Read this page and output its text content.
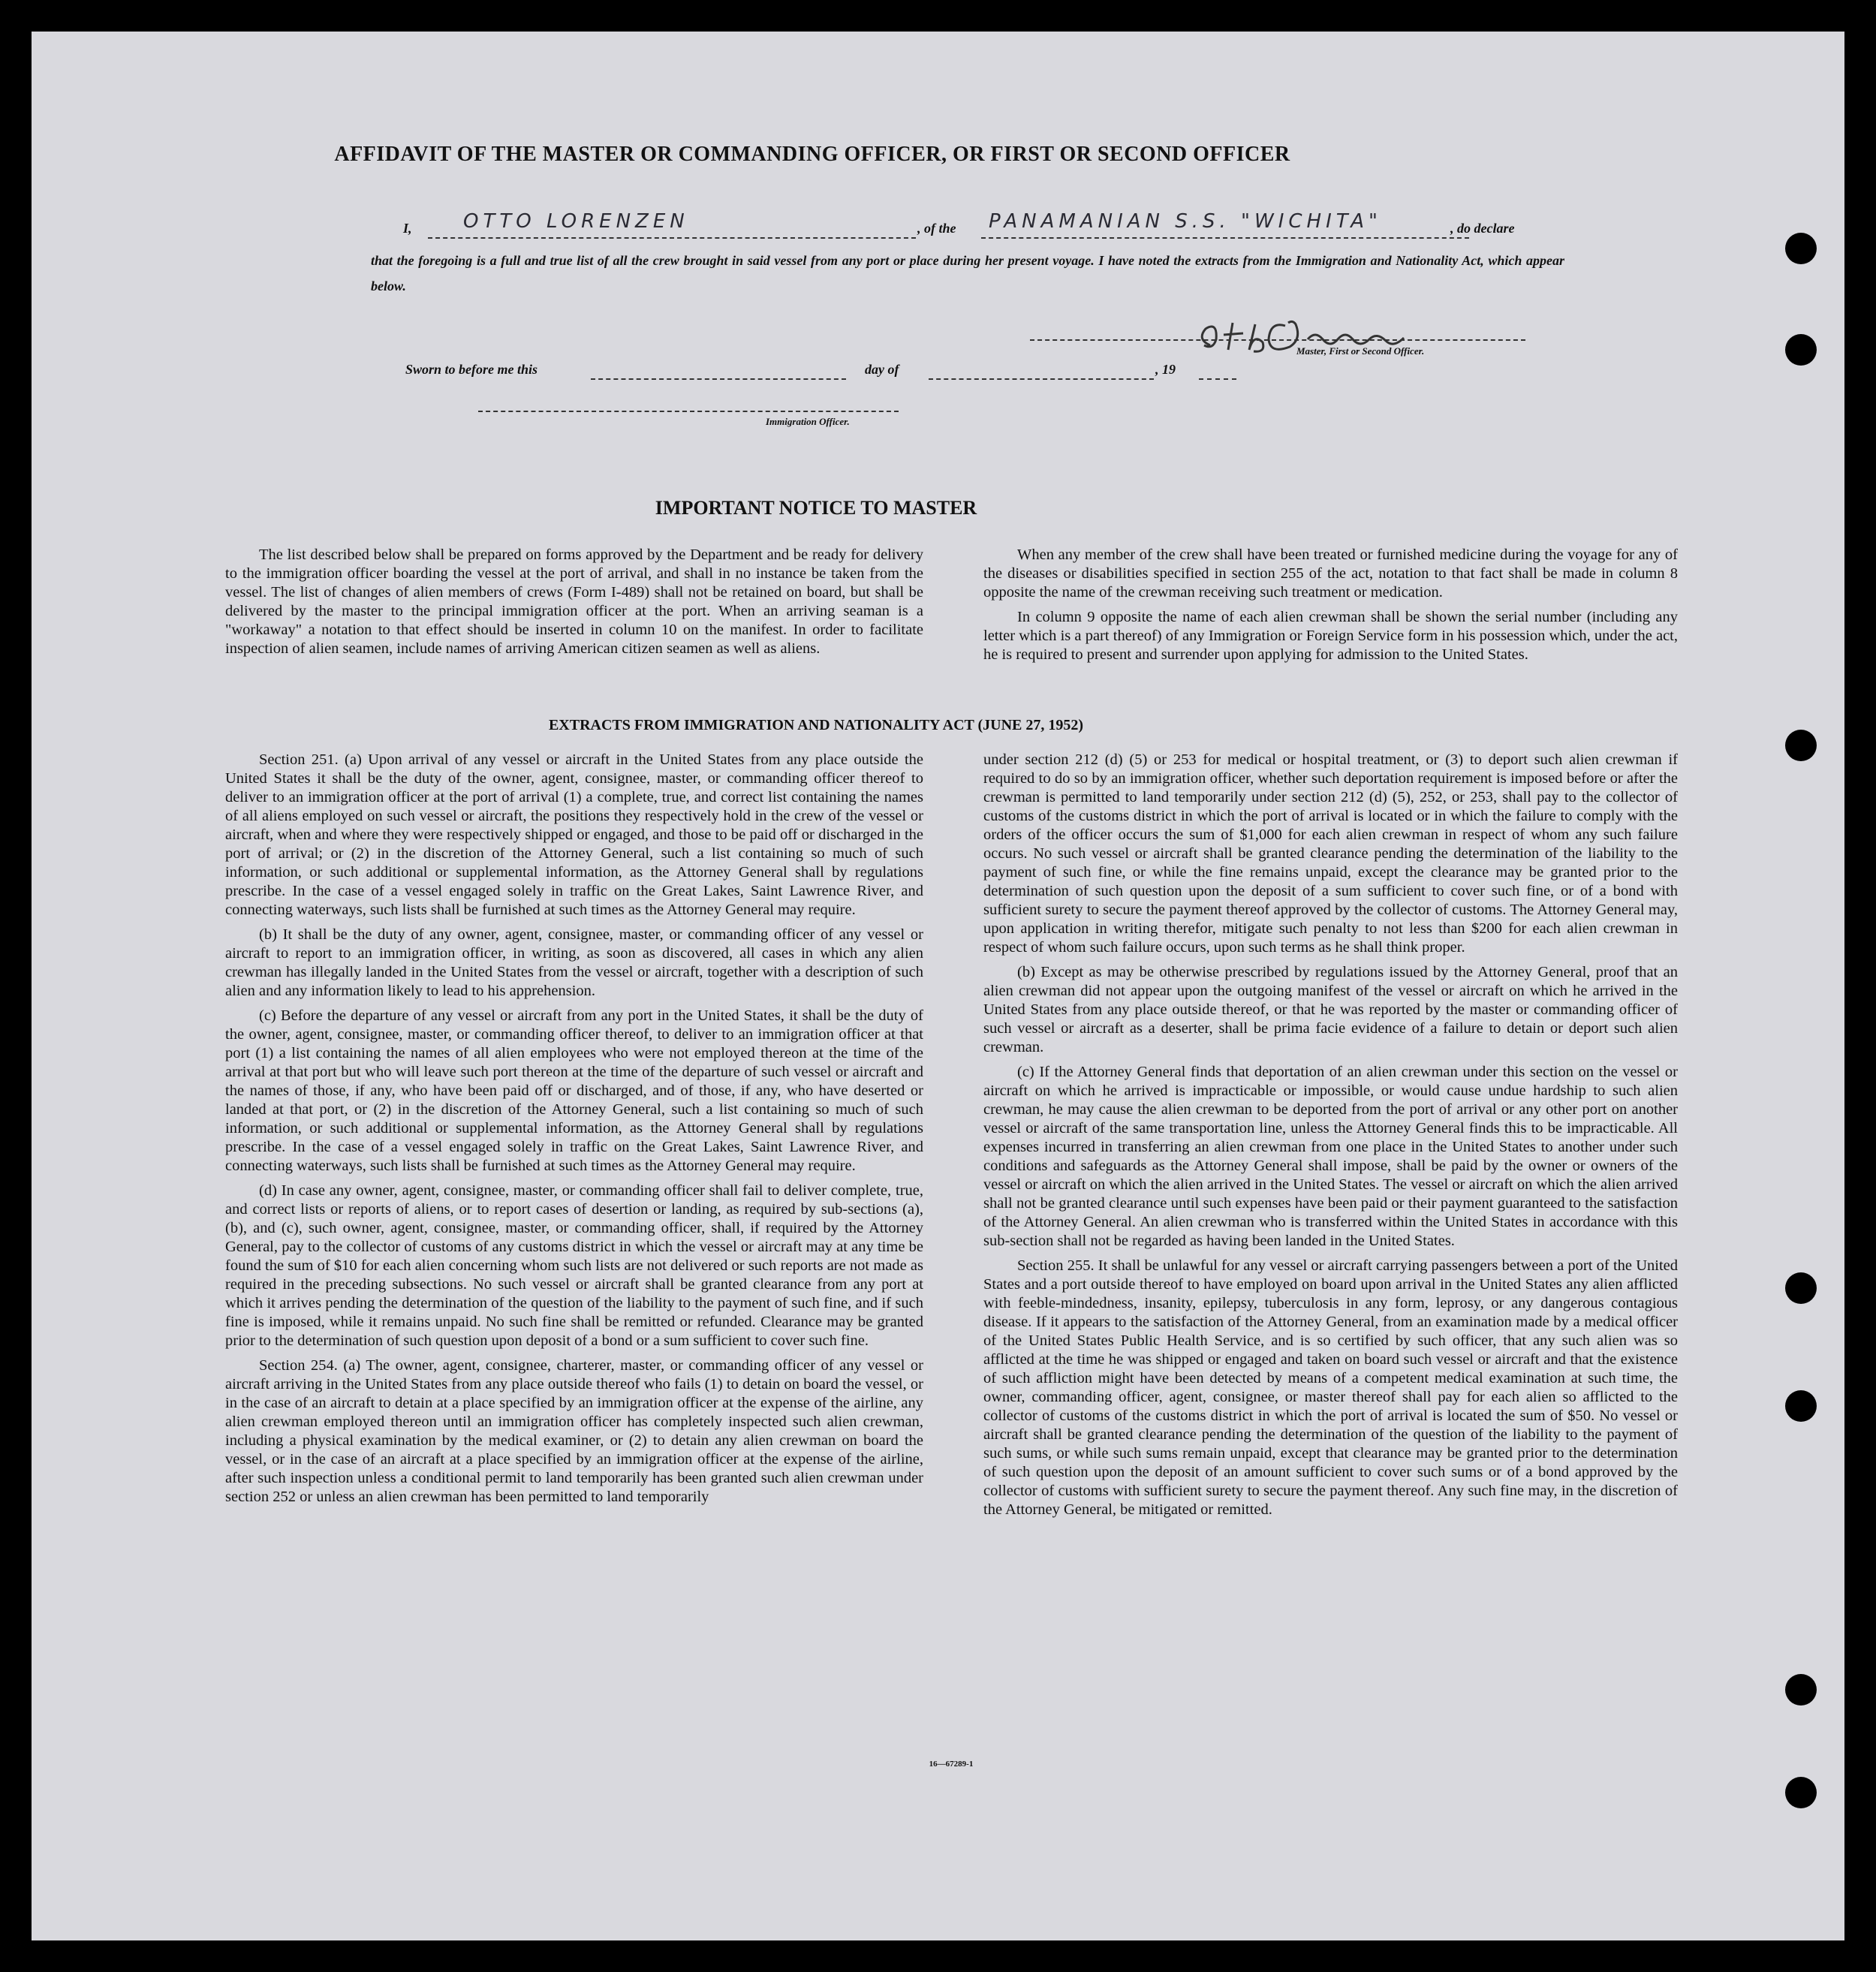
AFFIDAVIT OF THE MASTER OR COMMANDING OFFICER, OR FIRST OR SECOND OFFICER
I,	OTTO LORENZEN	, of the PANAMANIAN S.S. "WICHITA"	, do declare
that the foregoing is a full and true list of all the crew brought in said vessel from any port or place during her present voyage. I have noted the extracts from the Immigration and Nationality Act, which appear below.
Master, First or Second Officer.
Sworn to before me this	day of	, 19
Immigration Officer.
IMPORTANT NOTICE TO MASTER

The list described below shall be prepared on forms approved by the Department and be ready for delivery to the immigration officer boarding the vessel at the port of arrival, and shall in no instance be taken from the vessel. The list of changes of alien members of crews (Form I-489) shall not be retained on board, but shall be delivered by the master to the principal immigration officer at the port. When an arriving seaman is a "workaway" a notation to that effect should be inserted in column 10 on the manifest. In order to facilitate inspection of alien seamen, include names of arriving American citizen seamen as well as aliens.

When any member of the crew shall have been treated or furnished medicine during the voyage for any of the diseases or disabilities specified in section 255 of the act, notation to that fact shall be made in column 8 opposite the name of the crewman receiving such treatment or medication.

In column 9 opposite the name of each alien crewman shall be shown the serial number (including any letter which is a part thereof) of any Immigration or Foreign Service form in his possession which, under the act, he is required to present and surrender upon applying for admission to the United States.

EXTRACTS FROM IMMIGRATION AND NATIONALITY ACT (JUNE 27, 1952)

Section 251. (a) Upon arrival of any vessel or aircraft in the United States from any place outside the United States it shall be the duty of the owner, agent, consignee, master, or commanding officer thereof to deliver to an immigration officer at the port of arrival (1) a complete, true, and correct list containing the names of all aliens employed on such vessel or aircraft, the positions they respectively hold in the crew of the vessel or aircraft, when and where they were respectively shipped or engaged, and those to be paid off or discharged in the port of arrival; or (2) in the discretion of the Attorney General, such a list containing so much of such information, or such additional or supplemental information, as the Attorney General shall by regulations prescribe. In the case of a vessel engaged solely in traffic on the Great Lakes, Saint Lawrence River, and connecting waterways, such lists shall be furnished at such times as the Attorney General may require.

(b) It shall be the duty of any owner, agent, consignee, master, or commanding officer of any vessel or aircraft to report to an immigration officer, in writing, as soon as discovered, all cases in which any alien crewman has illegally landed in the United States from the vessel or aircraft, together with a description of such alien and any information likely to lead to his apprehension.

(c) Before the departure of any vessel or aircraft from any port in the United States, it shall be the duty of the owner, agent, consignee, master, or commanding officer thereof, to deliver to an immigration officer at that port (1) a list containing the names of all alien employees who were not employed thereon at the time of the arrival at that port but who will leave such port thereon at the time of the departure of such vessel or aircraft and the names of those, if any, who have been paid off or discharged, and of those, if any, who have deserted or landed at that port, or (2) in the discretion of the Attorney General, such a list containing so much of such information, or such additional or supplemental information, as the Attorney General shall by regulations prescribe. In the case of a vessel engaged solely in traffic on the Great Lakes, Saint Lawrence River, and connecting waterways, such lists shall be furnished at such times as the Attorney General may require.

(d) In case any owner, agent, consignee, master, or commanding officer shall fail to deliver complete, true, and correct lists or reports of aliens, or to report cases of desertion or landing, as required by sub-sections (a), (b), and (c), such owner, agent, consignee, master, or commanding officer, shall, if required by the Attorney General, pay to the collector of customs of any customs district in which the vessel or aircraft may at any time be found the sum of $10 for each alien concerning whom such lists are not delivered or such reports are not made as required in the preceding subsections. No such vessel or aircraft shall be granted clearance from any port at which it arrives pending the determination of the question of the liability to the payment of such fine, and if such fine is imposed, while it remains unpaid. No such fine shall be remitted or refunded. Clearance may be granted prior to the determination of such question upon deposit of a bond or a sum sufficient to cover such fine.

Section 254. (a) The owner, agent, consignee, charterer, master, or commanding officer of any vessel or aircraft arriving in the United States from any place outside thereof who fails (1) to detain on board the vessel, or in the case of an aircraft to detain at a place specified by an immigration officer at the expense of the airline, any alien crewman employed thereon until an immigration officer has completely inspected such alien crewman, including a physical examination by the medical examiner, or (2) to detain any alien crewman on board the vessel, or in the case of an aircraft at a place specified by an immigration officer at the expense of the airline, after such inspection unless a conditional permit to land temporarily has been granted such alien crewman under section 252 or unless an alien crewman has been permitted to land temporarily

under section 212 (d) (5) or 253 for medical or hospital treatment, or (3) to deport such alien crewman if required to do so by an immigration officer, whether such deportation requirement is imposed before or after the crewman is permitted to land temporarily under section 212 (d) (5), 252, or 253, shall pay to the collector of customs of the customs district in which the port of arrival is located or in which the failure to comply with the orders of the officer occurs the sum of $1,000 for each alien crewman in respect of whom any such failure occurs. No such vessel or aircraft shall be granted clearance pending the determination of the liability to the payment of such fine, or while the fine remains unpaid, except the clearance may be granted prior to the determination of such question upon the deposit of a sum sufficient to cover such fine, or of a bond with sufficient surety to secure the payment thereof approved by the collector of customs. The Attorney General may, upon application in writing therefor, mitigate such penalty to not less than $200 for each alien crewman in respect of whom such failure occurs, upon such terms as he shall think proper.

(b) Except as may be otherwise prescribed by regulations issued by the Attorney General, proof that an alien crewman did not appear upon the outgoing manifest of the vessel or aircraft on which he arrived in the United States from any place outside thereof, or that he was reported by the master or commanding officer of such vessel or aircraft as a deserter, shall be prima facie evidence of a failure to detain or deport such alien crewman.

(c) If the Attorney General finds that deportation of an alien crewman under this section on the vessel or aircraft on which he arrived is impracticable or impossible, or would cause undue hardship to such alien crewman, he may cause the alien crewman to be deported from the port of arrival or any other port on another vessel or aircraft of the same transportation line, unless the Attorney General finds this to be impracticable. All expenses incurred in transferring an alien crewman from one place in the United States to another under such conditions and safeguards as the Attorney General shall impose, shall be paid by the owner or owners of the vessel or aircraft on which the alien arrived in the United States. The vessel or aircraft on which the alien arrived shall not be granted clearance until such expenses have been paid or their payment guaranteed to the satisfaction of the Attorney General. An alien crewman who is transferred within the United States in accordance with this sub-section shall not be regarded as having been landed in the United States.

Section 255. It shall be unlawful for any vessel or aircraft carrying passengers between a port of the United States and a port outside thereof to have employed on board upon arrival in the United States any alien afflicted with feeble-mindedness, insanity, epilepsy, tuberculosis in any form, leprosy, or any dangerous contagious disease. If it appears to the satisfaction of the Attorney General, from an examination made by a medical officer of the United States Public Health Service, and is so certified by such officer, that any such alien was so afflicted at the time he was shipped or engaged and taken on board such vessel or aircraft and that the existence of such affliction might have been detected by means of a competent medical examination at such time, the owner, commanding officer, agent, consignee, or master thereof shall pay for each alien so afflicted to the collector of customs of the customs district in which the port of arrival is located the sum of $50. No vessel or aircraft shall be granted clearance pending the determination of the question of the liability to the payment of such sums, or while such sums remain unpaid, except that clearance may be granted prior to the determination of such question upon the deposit of an amount sufficient to cover such sums or of a bond approved by the collector of customs with sufficient surety to secure the payment thereof. Any such fine may, in the discretion of the Attorney General, be mitigated or remitted.

16—67289-1
